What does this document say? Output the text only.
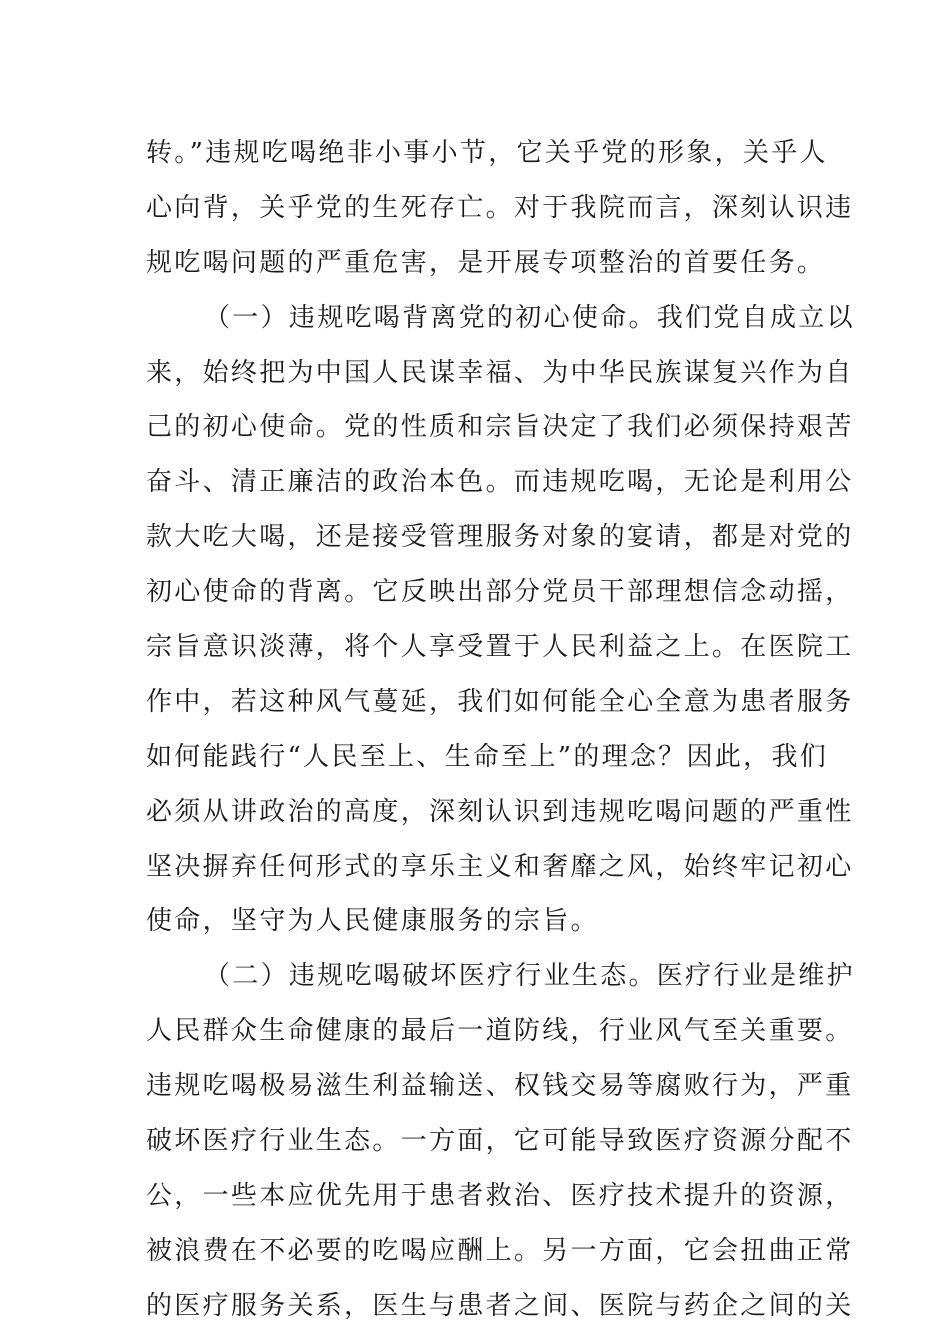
转。”违规吃喝绝非小事小节，它关乎党的形象，关乎人
心向背，关乎党的生死存亡。对于我院而言，深刻认识违
规吃喝问题的严重危害，是开展专项整治的首要任务。
（一）违规吃喝背离党的初心使命。我们党自成立以
来，始终把为中国人民谋幸福、为中华民族谋复兴作为自
己的初心使命。党的性质和宗旨决定了我们必须保持艰苦
奋斗、清正廉洁的政治本色。而违规吃喝，无论是利用公
款大吃大喝，还是接受管理服务对象的宴请，都是对党的
初心使命的背离。它反映出部分党员干部理想信念动摇，
宗旨意识淡薄，将个人享受置于人民利益之上。在医院工
作中，若这种风气蔓延，我们如何能全心全意为患者服务
如何能践行“人民至上、生命至上”的理念？因此，我们
必须从讲政治的高度，深刻认识到违规吃喝问题的严重性
坚决摒弃任何形式的享乐主义和奢靡之风，始终牢记初心
使命，坚守为人民健康服务的宗旨。
（二）违规吃喝破坏医疗行业生态。医疗行业是维护
人民群众生命健康的最后一道防线，行业风气至关重要。
违规吃喝极易滋生利益输送、权钱交易等腐败行为，严重
破坏医疗行业生态。一方面，它可能导致医疗资源分配不
公，一些本应优先用于患者救治、医疗技术提升的资源，
被浪费在不必要的吃喝应酬上。另一方面，它会扭曲正常
的医疗服务关系，医生与患者之间、医院与药企之间的关
